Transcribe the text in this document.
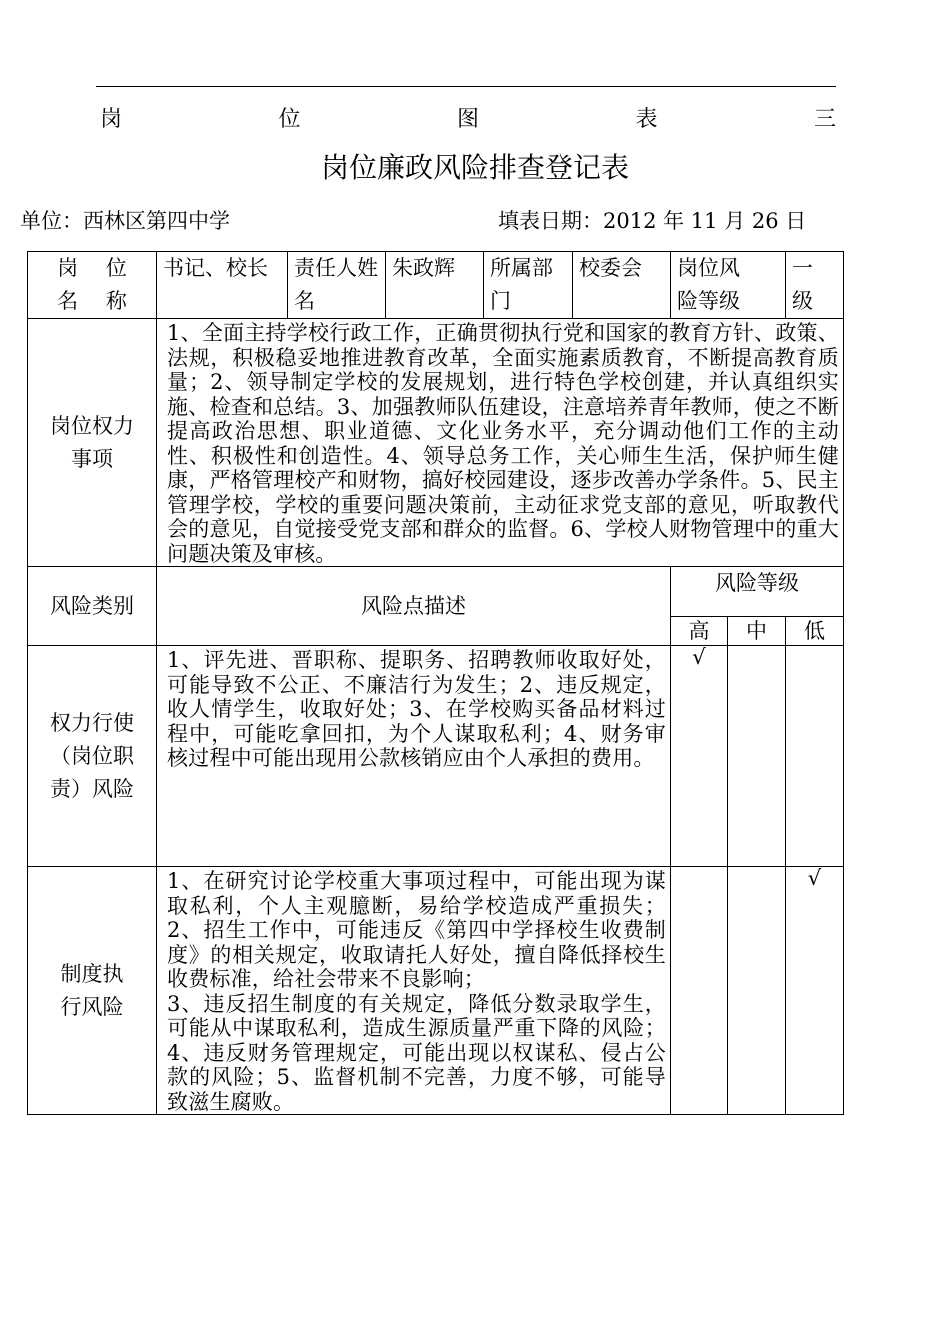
岗	位	图	表	三
岗位廉政风险排查登记表
单位：西林区第四中学	填表日期：2012 年 11 月 26 日
岗　 位
名　 称	书记、校长	责任人姓名	朱政辉	所属部门	校委会	岗位风险等级		一级
岗位权力事项	1、全面主持学校行政工作，正确贯彻执行党和国家的教育方针、政策、法规，积极稳妥地推进教育改革，全面实施素质教育，不断提高教育质量；2、领导制定学校的发展规划，进行特色学校创建，并认真组织实施、检查和总结。3、加强教师队伍建设，注意培养青年教师，使之不断提高政治思想、职业道德、文化业务水平，充分调动他们工作的主动性、积极性和创造性。4、领导总务工作，关心师生生活，保护师生健康，严格管理校产和财物，搞好校园建设，逐步改善办学条件。5、民主管理学校，学校的重要问题决策前，主动征求党支部的意见，听取教代会的意见，自觉接受党支部和群众的监督。6、学校人财物管理中的重大问题决策及审核。							
风险类别	风险点描述					风险等级		
						高	中	低
权力行使（岗位职责）风险	1、评先进、晋职称、提职务、招聘教师收取好处，可能导致不公正、不廉洁行为发生；2、违反规定，收人情学生，收取好处；3、在学校购买备品材料过程中，可能吃拿回扣，为个人谋取私利；4、财务审核过程中可能出现用公款核销应由个人承担的费用。					√		
制度执行风险	1、在研究讨论学校重大事项过程中，可能出现为谋取私利，个人主观臆断，易给学校造成严重损失；2、招生工作中，可能违反《第四中学择校生收费制度》的相关规定，收取请托人好处，擅自降低择校生收费标准，给社会带来不良影响；
3、违反招生制度的有关规定，降低分数录取学生，可能从中谋取私利，造成生源质量严重下降的风险；4、违反财务管理规定，可能出现以权谋私、侵占公款的风险；5、监督机制不完善，力度不够，可能导致滋生腐败。							√
